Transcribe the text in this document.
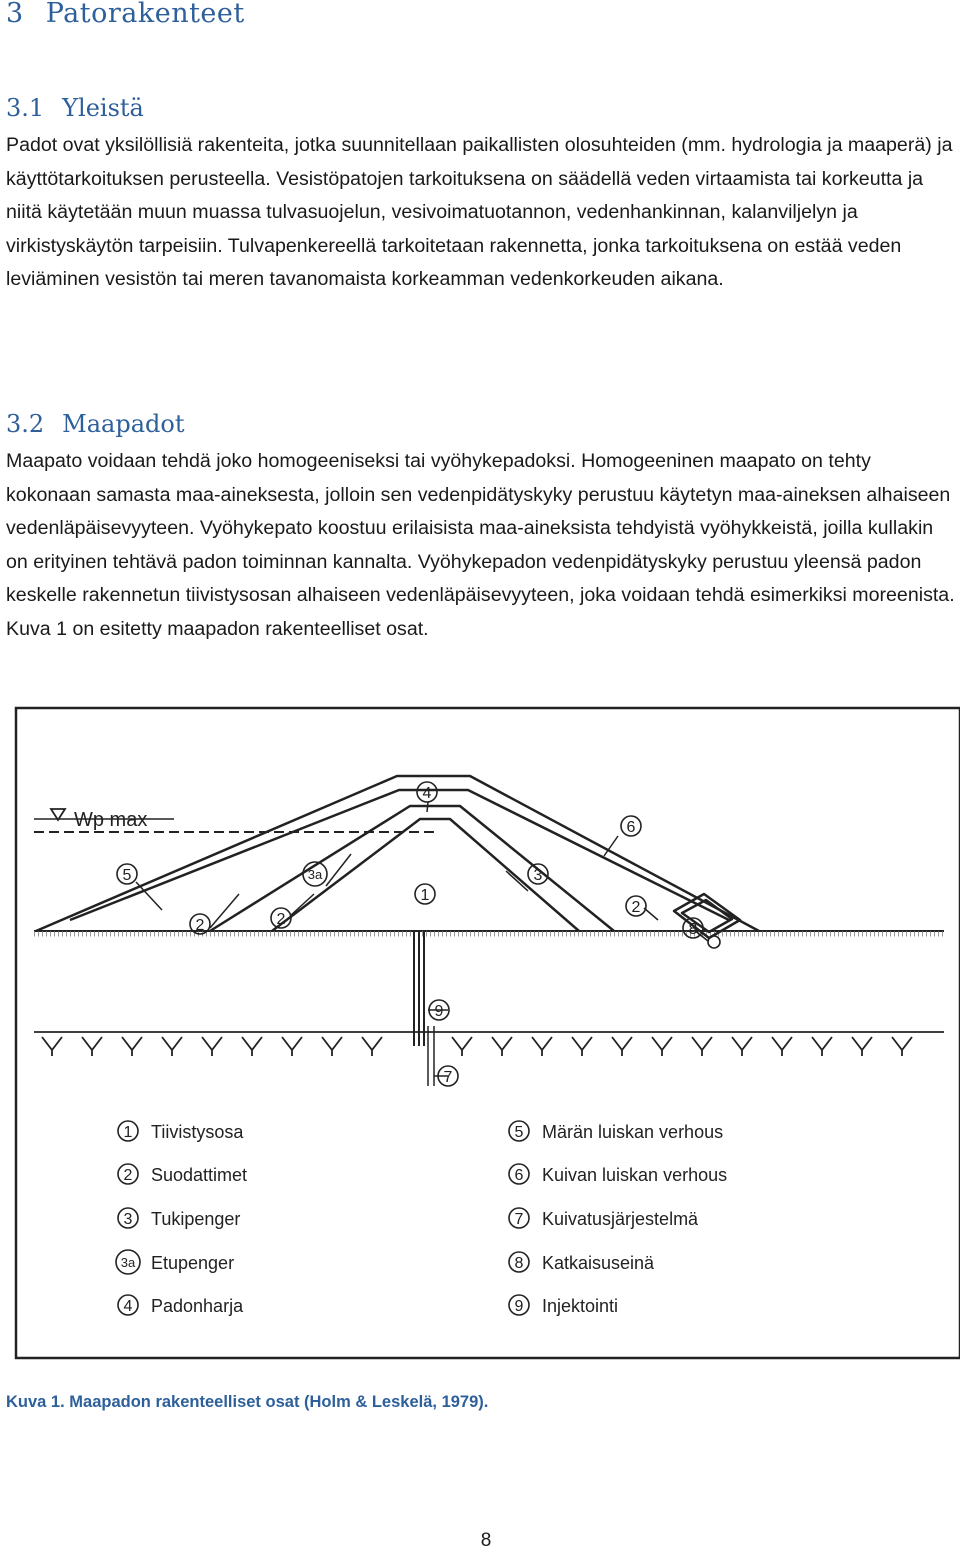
3 Patorakenteet
3.1 Yleistä

Padot ovat yksilöllisiä rakenteita, jotka suunnitellaan paikallisten olosuhteiden (mm. hydrologia ja maaperä) ja käyttötarkoituksen perusteella. Vesistöpatojen tarkoituksena on säädellä veden virtaamista tai korkeutta ja niitä käytetään muun muassa tulvasuojelun, vesivoimatuotannon, vedenhankinnan, kalanviljelyn ja virkistyskäytön tarpeisiin. Tulvapenkereellä tarkoitetaan rakennetta, jonka tarkoituksena on estää veden leviäminen vesistön tai meren tavanomaista korkeamman vedenkorkeuden aikana.

3.2 Maapadot

Maapato voidaan tehdä joko homogeeniseksi tai vyöhykepadoksi. Homogeeninen maapato on tehty kokonaan samasta maa-aineksesta, jolloin sen vedenpidätyskyky perustuu käytetyn maa-aineksen alhaiseen vedenläpäisevyyteen. Vyöhykepato koostuu erilaisista maa-aineksista tehdyistä vyöhykkeistä, joilla kullakin on erityinen tehtävä padon toiminnan kannalta. Vyöhykepadon vedenpidätyskyky perustuu yleensä padon keskelle rakennetun tiivistysosan alhaiseen vedenläpäisevyyteen, joka voidaan tehdä esimerkiksi moreenista. Kuva 1 on esitetty maapadon rakenteelliset osat.

Wp max
4
6
5	3a
1
3
2	2
2
8
9
7
1 Tiivistysosa
2 Suodattimet
3 Tukipenger
3a Etupenger
4 Padonharja
5 Märän luiskan verhous
6 Kuivan luiskan verhous
7 Kuivatusjärjestelmä
8 Katkaisuseinä
9 Injektointi

Kuva 1. Maapadon rakenteelliset osat (Holm & Leskelä, 1979).

8
